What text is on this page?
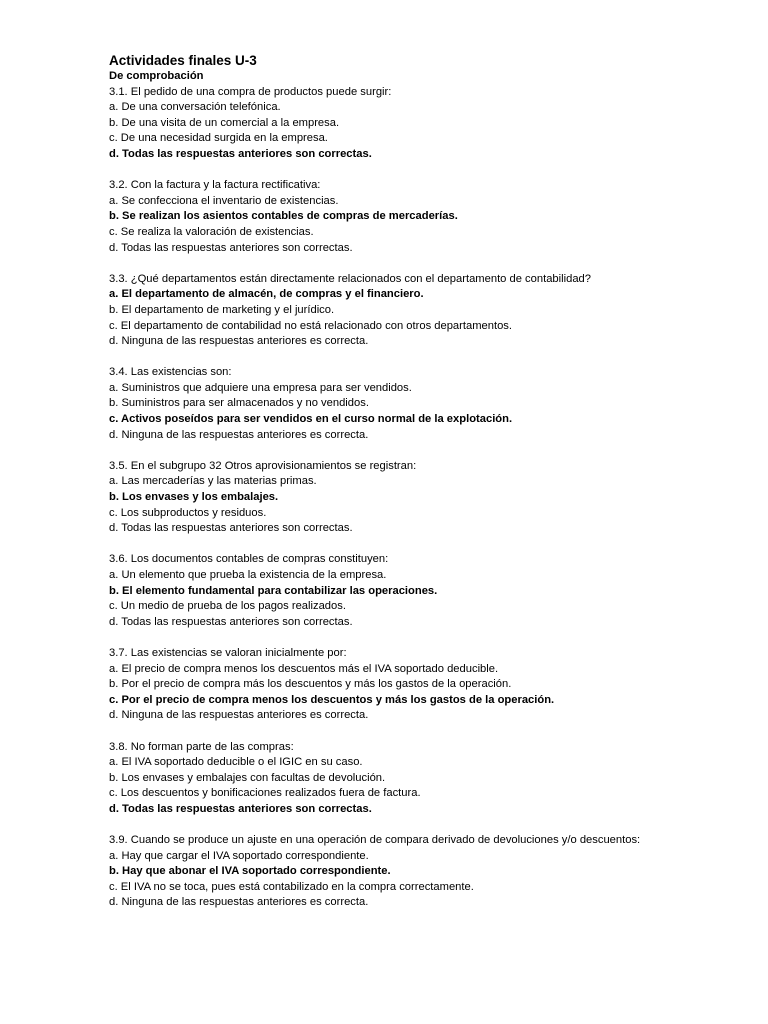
Actividades finales U-3

De comprobación

3.1. El pedido de una compra de productos puede surgir:

a. De una conversación telefónica.

b. De una visita de un comercial a la empresa.

c. De una necesidad surgida en la empresa.

d. Todas las respuestas anteriores son correctas.

3.2. Con la factura y la factura rectificativa:

a. Se confecciona el inventario de existencias.

b. Se realizan los asientos contables de compras de mercaderías.

c. Se realiza la valoración de existencias.

d. Todas las respuestas anteriores son correctas.

3.3. ¿Qué departamentos están directamente relacionados con el departamento de contabilidad?

a. El departamento de almacén, de compras y el financiero.

b. El departamento de marketing y el jurídico.

c. El departamento de contabilidad no está relacionado con otros departamentos.

d. Ninguna de las respuestas anteriores es correcta.

3.4. Las existencias son:

a. Suministros que adquiere una empresa para ser vendidos.

b. Suministros para ser almacenados y no vendidos.

c. Activos poseídos para ser vendidos en el curso normal de la explotación.

d. Ninguna de las respuestas anteriores es correcta.

3.5. En el subgrupo 32 Otros aprovisionamientos se registran:

a. Las mercaderías y las materias primas.

b. Los envases y los embalajes.

c. Los subproductos y residuos.

d. Todas las respuestas anteriores son correctas.

3.6. Los documentos contables de compras constituyen:

a. Un elemento que prueba la existencia de la empresa.

b. El elemento fundamental para contabilizar las operaciones.

c. Un medio de prueba de los pagos realizados.

d. Todas las respuestas anteriores son correctas.

3.7. Las existencias se valoran inicialmente por:

a. El precio de compra menos los descuentos más el IVA soportado deducible.

b. Por el precio de compra más los descuentos y más los gastos de la operación.

c. Por el precio de compra menos los descuentos y más los gastos de la operación.

d. Ninguna de las respuestas anteriores es correcta.

3.8. No forman parte de las compras:

a. El IVA soportado deducible o el IGIC en su caso.

b. Los envases y embalajes con facultas de devolución.

c. Los descuentos y bonificaciones realizados fuera de factura.

d. Todas las respuestas anteriores son correctas.

3.9. Cuando se produce un ajuste en una operación de compara derivado de devoluciones y/o descuentos:

a. Hay que cargar el IVA soportado correspondiente.

b. Hay que abonar el IVA soportado correspondiente.

c. El IVA no se toca, pues está contabilizado en la compra correctamente.

d. Ninguna de las respuestas anteriores es correcta.
